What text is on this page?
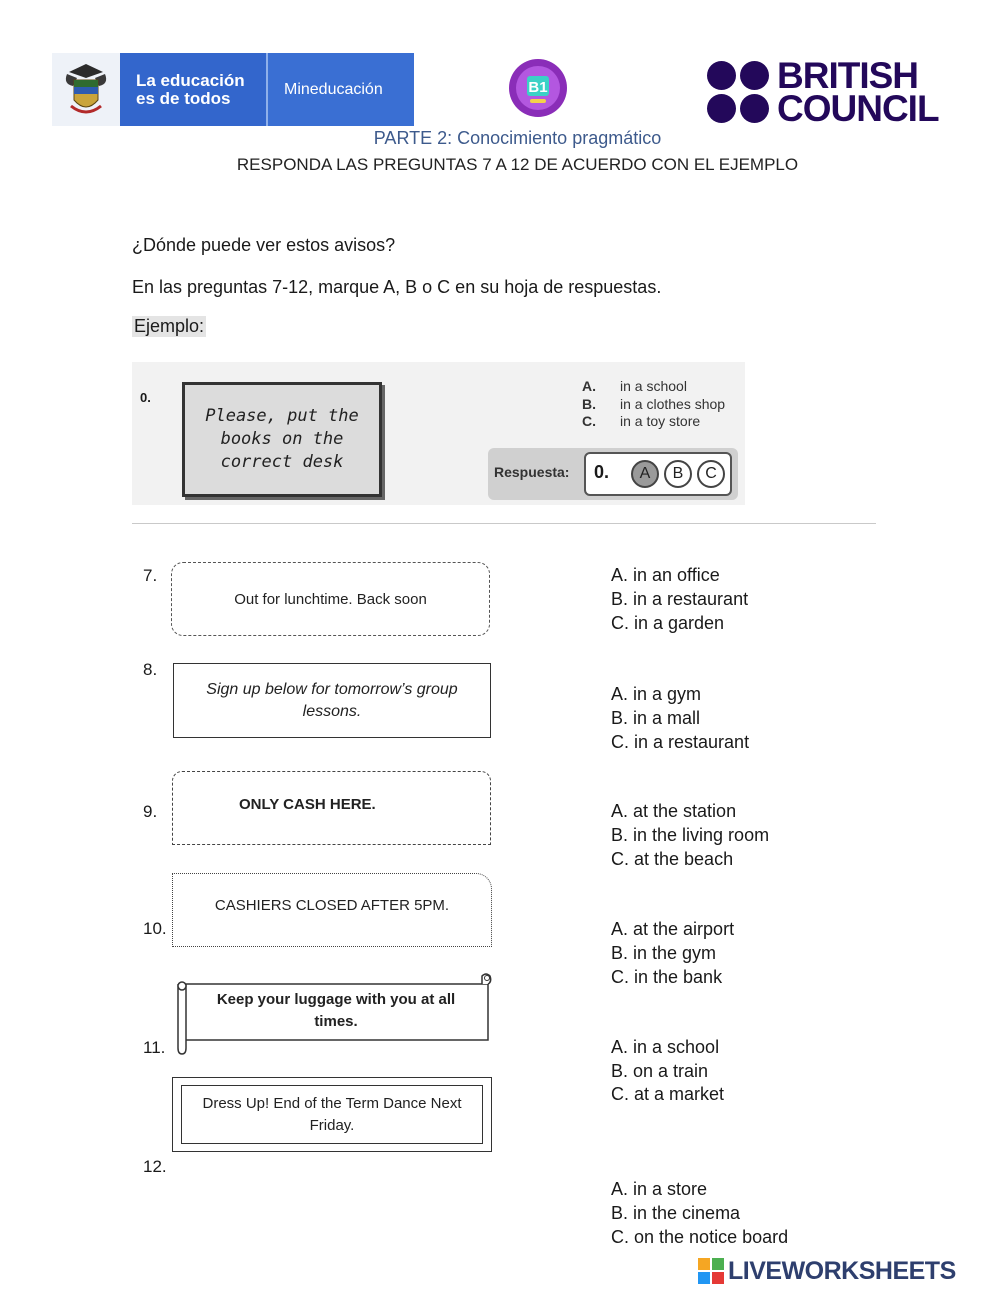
La educación
es de todos	Mineducación	B1	BRITISH
COUNCIL
PARTE 2: Conocimiento pragmático
RESPONDA LAS PREGUNTAS 7 A 12 DE ACUERDO CON EL EJEMPLO
¿Dónde puede ver estos avisos?
En las preguntas 7-12, marque A, B o C en su hoja de respuestas.
Ejemplo:
0.
Please, put the books on the correct desk
A. in a school
B. in a clothes shop
C. in a toy store
Respuesta: 0.	A	B	C
7.
Out for lunchtime. Back soon
A. in an office
B. in a restaurant
C. in a garden
8.
Sign up below for tomorrow’s group lessons.
A. in a gym
B. in a mall
C. in a restaurant
9.	ONLY CASH HERE.	A. at the station
B. in the living room
C. at the beach
10.
CASHIERS CLOSED AFTER 5PM.
A. at the airport
B. in the gym
C. in the bank
11.
Keep your luggage with you at all times.
A. in a school
B. on a train
C. at a market
12.
Dress Up! End of the Term Dance Next Friday.
A. in a store
B. in the cinema
C. on the notice board
LIVEWORKSHEETS
